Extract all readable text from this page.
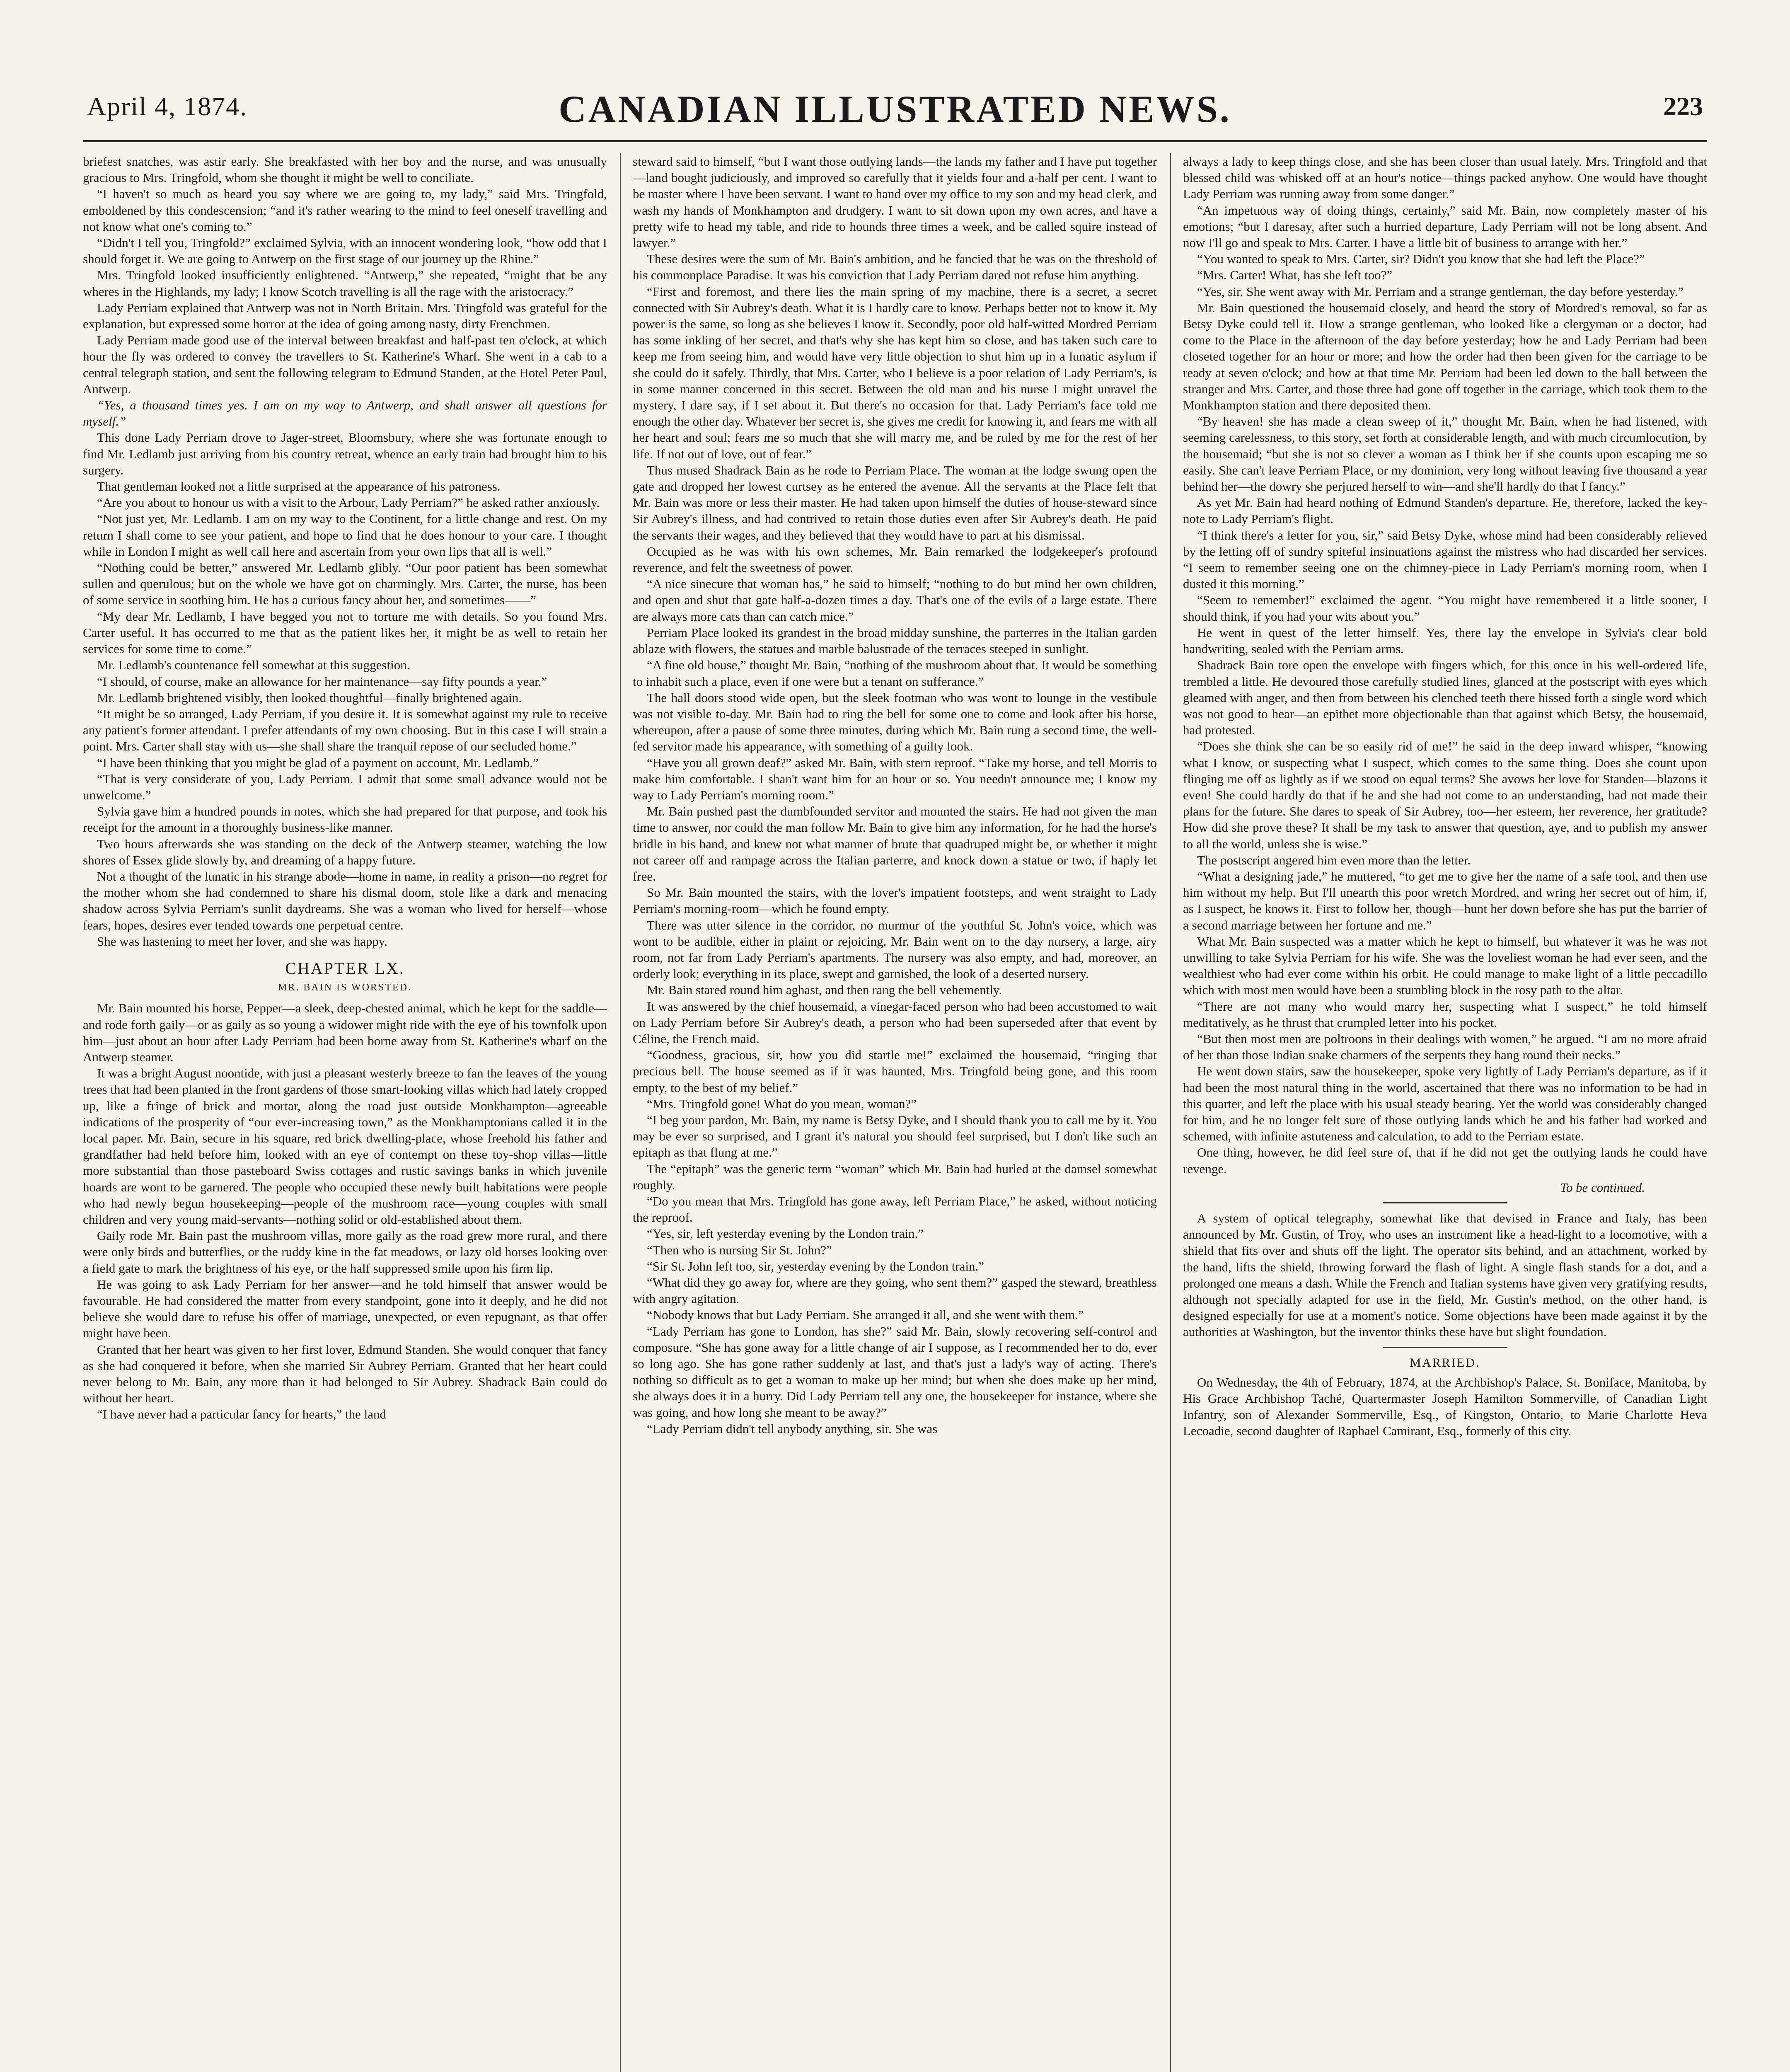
April 4, 1874.	CANADIAN ILLUSTRATED NEWS.	223

briefest snatches, was astir early. She breakfasted with her boy and the nurse, and was unusually gracious to Mrs. Tringfold, whom she thought it might be well to conciliate.

“I haven't so much as heard you say where we are going to, my lady,” said Mrs. Tringfold, emboldened by this condescension; “and it's rather wearing to the mind to feel oneself travelling and not know what one's coming to.”

“Didn't I tell you, Tringfold?” exclaimed Sylvia, with an innocent wondering look, “how odd that I should forget it. We are going to Antwerp on the first stage of our journey up the Rhine.”

Mrs. Tringfold looked insufficiently enlightened. “Antwerp,” she repeated, “might that be any wheres in the Highlands, my lady; I know Scotch travelling is all the rage with the aristocracy.”

Lady Perriam explained that Antwerp was not in North Britain. Mrs. Tringfold was grateful for the explanation, but expressed some horror at the idea of going among nasty, dirty Frenchmen.

Lady Perriam made good use of the interval between breakfast and half-past ten o'clock, at which hour the fly was ordered to convey the travellers to St. Katherine's Wharf. She went in a cab to a central telegraph station, and sent the following telegram to Edmund Standen, at the Hotel Peter Paul, Antwerp.

“Yes, a thousand times yes. I am on my way to Antwerp, and shall answer all questions for myself.”

This done Lady Perriam drove to Jager-street, Bloomsbury, where she was fortunate enough to find Mr. Ledlamb just arriving from his country retreat, whence an early train had brought him to his surgery.

That gentleman looked not a little surprised at the appearance of his patroness.

“Are you about to honour us with a visit to the Arbour, Lady Perriam?” he asked rather anxiously.

“Not just yet, Mr. Ledlamb. I am on my way to the Continent, for a little change and rest. On my return I shall come to see your patient, and hope to find that he does honour to your care. I thought while in London I might as well call here and ascertain from your own lips that all is well.”

“Nothing could be better,” answered Mr. Ledlamb glibly. “Our poor patient has been somewhat sullen and querulous; but on the whole we have got on charmingly. Mrs. Carter, the nurse, has been of some service in soothing him. He has a curious fancy about her, and sometimes——”

“My dear Mr. Ledlamb, I have begged you not to torture me with details. So you found Mrs. Carter useful. It has occurred to me that as the patient likes her, it might be as well to retain her services for some time to come.”

Mr. Ledlamb's countenance fell somewhat at this suggestion.

“I should, of course, make an allowance for her maintenance—say fifty pounds a year.”

Mr. Ledlamb brightened visibly, then looked thoughtful—finally brightened again.

“It might be so arranged, Lady Perriam, if you desire it. It is somewhat against my rule to receive any patient's former attendant. I prefer attendants of my own choosing. But in this case I will strain a point. Mrs. Carter shall stay with us—she shall share the tranquil repose of our secluded home.”

“I have been thinking that you might be glad of a payment on account, Mr. Ledlamb.”

“That is very considerate of you, Lady Perriam. I admit that some small advance would not be unwelcome.”

Sylvia gave him a hundred pounds in notes, which she had prepared for that purpose, and took his receipt for the amount in a thoroughly business-like manner.

Two hours afterwards she was standing on the deck of the Antwerp steamer, watching the low shores of Essex glide slowly by, and dreaming of a happy future.

Not a thought of the lunatic in his strange abode—home in name, in reality a prison—no regret for the mother whom she had condemned to share his dismal doom, stole like a dark and menacing shadow across Sylvia Perriam's sunlit daydreams. She was a woman who lived for herself—whose fears, hopes, desires ever tended towards one perpetual centre.

She was hastening to meet her lover, and she was happy.

CHAPTER LX.
MR. BAIN IS WORSTED.

Mr. Bain mounted his horse, Pepper—a sleek, deep-chested animal, which he kept for the saddle—and rode forth gaily—or as gaily as so young a widower might ride with the eye of his townfolk upon him—just about an hour after Lady Perriam had been borne away from St. Katherine's wharf on the Antwerp steamer.

It was a bright August noontide, with just a pleasant westerly breeze to fan the leaves of the young trees that had been planted in the front gardens of those smart-looking villas which had lately cropped up, like a fringe of brick and mortar, along the road just outside Monkhampton—agreeable indications of the prosperity of “our ever-increasing town,” as the Monkhamptonians called it in the local paper. Mr. Bain, secure in his square, red brick dwelling-place, whose freehold his father and grandfather had held before him, looked with an eye of contempt on these toy-shop villas—little more substantial than those pasteboard Swiss cottages and rustic savings banks in which juvenile hoards are wont to be garnered. The people who occupied these newly built habitations were people who had newly begun housekeeping—people of the mushroom race—young couples with small children and very young maid-servants—nothing solid or old-established about them.

Gaily rode Mr. Bain past the mushroom villas, more gaily as the road grew more rural, and there were only birds and butterflies, or the ruddy kine in the fat meadows, or lazy old horses looking over a field gate to mark the brightness of his eye, or the half suppressed smile upon his firm lip.

He was going to ask Lady Perriam for her answer—and he told himself that answer would be favourable. He had considered the matter from every standpoint, gone into it deeply, and he did not believe she would dare to refuse his offer of marriage, unexpected, or even repugnant, as that offer might have been.

Granted that her heart was given to her first lover, Edmund Standen. She would conquer that fancy as she had conquered it before, when she married Sir Aubrey Perriam. Granted that her heart could never belong to Mr. Bain, any more than it had belonged to Sir Aubrey. Shadrack Bain could do without her heart.

“I have never had a particular fancy for hearts,” the land

steward said to himself, “but I want those outlying lands—the lands my father and I have put together—land bought judiciously, and improved so carefully that it yields four and a-half per cent. I want to be master where I have been servant. I want to hand over my office to my son and my head clerk, and wash my hands of Monkhampton and drudgery. I want to sit down upon my own acres, and have a pretty wife to head my table, and ride to hounds three times a week, and be called squire instead of lawyer.”

These desires were the sum of Mr. Bain's ambition, and he fancied that he was on the threshold of his commonplace Paradise. It was his conviction that Lady Perriam dared not refuse him anything.

“First and foremost, and there lies the main spring of my machine, there is a secret, a secret connected with Sir Aubrey's death. What it is I hardly care to know. Perhaps better not to know it. My power is the same, so long as she believes I know it. Secondly, poor old half-witted Mordred Perriam has some inkling of her secret, and that's why she has kept him so close, and has taken such care to keep me from seeing him, and would have very little objection to shut him up in a lunatic asylum if she could do it safely. Thirdly, that Mrs. Carter, who I believe is a poor relation of Lady Perriam's, is in some manner concerned in this secret. Between the old man and his nurse I might unravel the mystery, I dare say, if I set about it. But there's no occasion for that. Lady Perriam's face told me enough the other day. Whatever her secret is, she gives me credit for knowing it, and fears me with all her heart and soul; fears me so much that she will marry me, and be ruled by me for the rest of her life. If not out of love, out of fear.”

Thus mused Shadrack Bain as he rode to Perriam Place. The woman at the lodge swung open the gate and dropped her lowest curtsey as he entered the avenue. All the servants at the Place felt that Mr. Bain was more or less their master. He had taken upon himself the duties of house-steward since Sir Aubrey's illness, and had contrived to retain those duties even after Sir Aubrey's death. He paid the servants their wages, and they believed that they would have to part at his dismissal.

Occupied as he was with his own schemes, Mr. Bain remarked the lodgekeeper's profound reverence, and felt the sweetness of power.

“A nice sinecure that woman has,” he said to himself; “nothing to do but mind her own children, and open and shut that gate half-a-dozen times a day. That's one of the evils of a large estate. There are always more cats than can catch mice.”

Perriam Place looked its grandest in the broad midday sunshine, the parterres in the Italian garden ablaze with flowers, the statues and marble balustrade of the terraces steeped in sunlight.

“A fine old house,” thought Mr. Bain, “nothing of the mushroom about that. It would be something to inhabit such a place, even if one were but a tenant on sufferance.”

The hall doors stood wide open, but the sleek footman who was wont to lounge in the vestibule was not visible to-day. Mr. Bain had to ring the bell for some one to come and look after his horse, whereupon, after a pause of some three minutes, during which Mr. Bain rung a second time, the well-fed servitor made his appearance, with something of a guilty look.

“Have you all grown deaf?” asked Mr. Bain, with stern reproof. “Take my horse, and tell Morris to make him comfortable. I shan't want him for an hour or so. You needn't announce me; I know my way to Lady Perriam's morning room.”

Mr. Bain pushed past the dumbfounded servitor and mounted the stairs. He had not given the man time to answer, nor could the man follow Mr. Bain to give him any information, for he had the horse's bridle in his hand, and knew not what manner of brute that quadruped might be, or whether it might not career off and rampage across the Italian parterre, and knock down a statue or two, if haply let free.

So Mr. Bain mounted the stairs, with the lover's impatient footsteps, and went straight to Lady Perriam's morning-room—which he found empty.

There was utter silence in the corridor, no murmur of the youthful St. John's voice, which was wont to be audible, either in plaint or rejoicing. Mr. Bain went on to the day nursery, a large, airy room, not far from Lady Perriam's apartments. The nursery was also empty, and had, moreover, an orderly look; everything in its place, swept and garnished, the look of a deserted nursery.

Mr. Bain stared round him aghast, and then rang the bell vehemently.

It was answered by the chief housemaid, a vinegar-faced person who had been accustomed to wait on Lady Perriam before Sir Aubrey's death, a person who had been superseded after that event by Céline, the French maid.

“Goodness, gracious, sir, how you did startle me!” exclaimed the housemaid, “ringing that precious bell. The house seemed as if it was haunted, Mrs. Tringfold being gone, and this room empty, to the best of my belief.”

“Mrs. Tringfold gone! What do you mean, woman?”

“I beg your pardon, Mr. Bain, my name is Betsy Dyke, and I should thank you to call me by it. You may be ever so surprised, and I grant it's natural you should feel surprised, but I don't like such an epitaph as that flung at me.”

The “epitaph” was the generic term “woman” which Mr. Bain had hurled at the damsel somewhat roughly.

“Do you mean that Mrs. Tringfold has gone away, left Perriam Place,” he asked, without noticing the reproof.

“Yes, sir, left yesterday evening by the London train.”

“Then who is nursing Sir St. John?”

“Sir St. John left too, sir, yesterday evening by the London train.”

“What did they go away for, where are they going, who sent them?” gasped the steward, breathless with angry agitation.

“Nobody knows that but Lady Perriam. She arranged it all, and she went with them.”

“Lady Perriam has gone to London, has she?” said Mr. Bain, slowly recovering self-control and composure. “She has gone away for a little change of air I suppose, as I recommended her to do, ever so long ago. She has gone rather suddenly at last, and that's just a lady's way of acting. There's nothing so difficult as to get a woman to make up her mind; but when she does make up her mind, she always does it in a hurry. Did Lady Perriam tell any one, the housekeeper for instance, where she was going, and how long she meant to be away?”

“Lady Perriam didn't tell anybody anything, sir. She was

always a lady to keep things close, and she has been closer than usual lately. Mrs. Tringfold and that blessed child was whisked off at an hour's notice—things packed anyhow. One would have thought Lady Perriam was running away from some danger.”

“An impetuous way of doing things, certainly,” said Mr. Bain, now completely master of his emotions; “but I daresay, after such a hurried departure, Lady Perriam will not be long absent. And now I'll go and speak to Mrs. Carter. I have a little bit of business to arrange with her.”

“You wanted to speak to Mrs. Carter, sir? Didn't you know that she had left the Place?”

“Mrs. Carter! What, has she left too?”

“Yes, sir. She went away with Mr. Perriam and a strange gentleman, the day before yesterday.”

Mr. Bain questioned the housemaid closely, and heard the story of Mordred's removal, so far as Betsy Dyke could tell it. How a strange gentleman, who looked like a clergyman or a doctor, had come to the Place in the afternoon of the day before yesterday; how he and Lady Perriam had been closeted together for an hour or more; and how the order had then been given for the carriage to be ready at seven o'clock; and how at that time Mr. Perriam had been led down to the hall between the stranger and Mrs. Carter, and those three had gone off together in the carriage, which took them to the Monkhampton station and there deposited them.

“By heaven! she has made a clean sweep of it,” thought Mr. Bain, when he had listened, with seeming carelessness, to this story, set forth at considerable length, and with much circumlocution, by the housemaid; “but she is not so clever a woman as I think her if she counts upon escaping me so easily. She can't leave Perriam Place, or my dominion, very long without leaving five thousand a year behind her—the dowry she perjured herself to win—and she'll hardly do that I fancy.”

As yet Mr. Bain had heard nothing of Edmund Standen's departure. He, therefore, lacked the key-note to Lady Perriam's flight.

“I think there's a letter for you, sir,” said Betsy Dyke, whose mind had been considerably relieved by the letting off of sundry spiteful insinuations against the mistress who had discarded her services. “I seem to remember seeing one on the chimney-piece in Lady Perriam's morning room, when I dusted it this morning.”

“Seem to remember!” exclaimed the agent. “You might have remembered it a little sooner, I should think, if you had your wits about you.”

He went in quest of the letter himself. Yes, there lay the envelope in Sylvia's clear bold handwriting, sealed with the Perriam arms.

Shadrack Bain tore open the envelope with fingers which, for this once in his well-ordered life, trembled a little. He devoured those carefully studied lines, glanced at the postscript with eyes which gleamed with anger, and then from between his clenched teeth there hissed forth a single word which was not good to hear—an epithet more objectionable than that against which Betsy, the housemaid, had protested.

“Does she think she can be so easily rid of me!” he said in the deep inward whisper, “knowing what I know, or suspecting what I suspect, which comes to the same thing. Does she count upon flinging me off as lightly as if we stood on equal terms? She avows her love for Standen—blazons it even! She could hardly do that if he and she had not come to an understanding, had not made their plans for the future. She dares to speak of Sir Aubrey, too—her esteem, her reverence, her gratitude? How did she prove these? It shall be my task to answer that question, aye, and to publish my answer to all the world, unless she is wise.”

The postscript angered him even more than the letter.

“What a designing jade,” he muttered, “to get me to give her the name of a safe tool, and then use him without my help. But I'll unearth this poor wretch Mordred, and wring her secret out of him, if, as I suspect, he knows it. First to follow her, though—hunt her down before she has put the barrier of a second marriage between her fortune and me.”

What Mr. Bain suspected was a matter which he kept to himself, but whatever it was he was not unwilling to take Sylvia Perriam for his wife. She was the loveliest woman he had ever seen, and the wealthiest who had ever come within his orbit. He could manage to make light of a little peccadillo which with most men would have been a stumbling block in the rosy path to the altar.

“There are not many who would marry her, suspecting what I suspect,” he told himself meditatively, as he thrust that crumpled letter into his pocket.

“But then most men are poltroons in their dealings with women,” he argued. “I am no more afraid of her than those Indian snake charmers of the serpents they hang round their necks.”

He went down stairs, saw the housekeeper, spoke very lightly of Lady Perriam's departure, as if it had been the most natural thing in the world, ascertained that there was no information to be had in this quarter, and left the place with his usual steady bearing. Yet the world was considerably changed for him, and he no longer felt sure of those outlying lands which he and his father had worked and schemed, with infinite astuteness and calculation, to add to the Perriam estate.

One thing, however, he did feel sure of, that if he did not get the outlying lands he could have revenge.

To be continued.

A system of optical telegraphy, somewhat like that devised in France and Italy, has been announced by Mr. Gustin, of Troy, who uses an instrument like a head-light to a locomotive, with a shield that fits over and shuts off the light. The operator sits behind, and an attachment, worked by the hand, lifts the shield, throwing forward the flash of light. A single flash stands for a dot, and a prolonged one means a dash. While the French and Italian systems have given very gratifying results, although not specially adapted for use in the field, Mr. Gustin's method, on the other hand, is designed especially for use at a moment's notice. Some objections have been made against it by the authorities at Washington, but the inventor thinks these have but slight foundation.

MARRIED.

On Wednesday, the 4th of February, 1874, at the Archbishop's Palace, St. Boniface, Manitoba, by His Grace Archbishop Taché, Quartermaster Joseph Hamilton Sommerville, of Canadian Light Infantry, son of Alexander Sommerville, Esq., of Kingston, Ontario, to Marie Charlotte Heva Lecoadie, second daughter of Raphael Camirant, Esq., formerly of this city.
